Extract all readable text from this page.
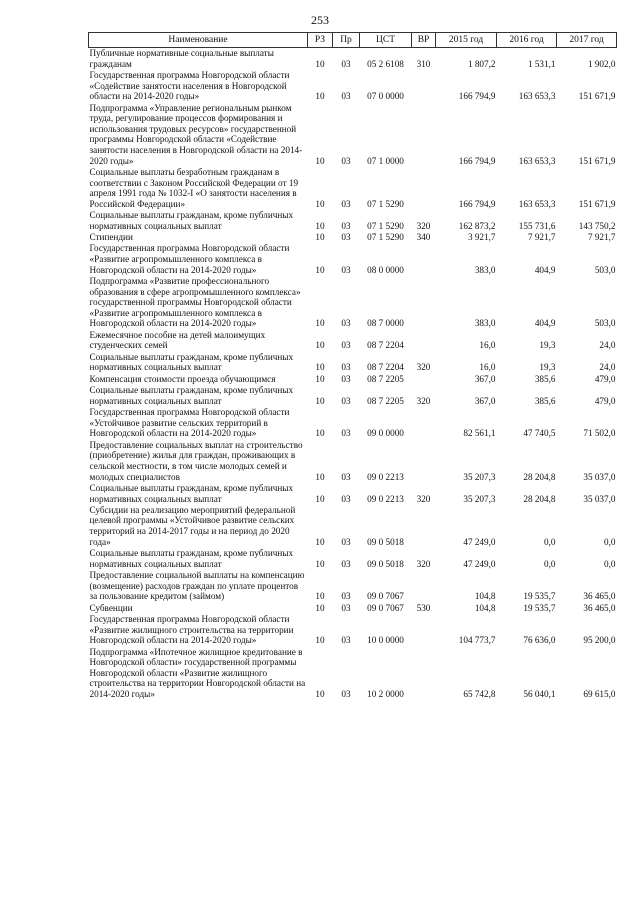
253
Наименование	РЗ	Пр	ЦСТ	ВР	2015 год	2016 год	2017 год
Публичные нормативные социальные выплаты гражданам	10	03	05 2 6108	310	1 807,2	1 531,1	1 902,0
Государственная программа Новгородской области «Содействие занятости населения в Новгородской области на 2014-2020 годы»	10	03	07 0 0000		166 794,9	163 653,3	151 671,9
Подпрограмма «Управление региональным рынком труда, регулирование процессов формирования и использования трудовых ресурсов» государственной программы Новгородской области «Содействие занятости населения в Новгородской области на 2014-2020 годы»	10	03	07 1 0000		166 794,9	163 653,3	151 671,9
Социальные выплаты безработным гражданам в соответствии с Законом Российской Федерации от 19 апреля 1991 года № 1032-I «О занятости населения в Российской Федерации»	10	03	07 1 5290		166 794,9	163 653,3	151 671,9
Социальные выплаты гражданам, кроме публичных нормативных социальных выплат	10	03	07 1 5290	320	162 873,2	155 731,6	143 750,2
Стипендии	10	03	07 1 5290	340	3 921,7	7 921,7	7 921,7
Государственная программа Новгородской области «Развитие агропромышленного комплекса в Новгородской области на 2014-2020 годы»	10	03	08 0 0000		383,0	404,9	503,0
Подпрограмма «Развитие профессионального образования в сфере агропромышленного комплекса» государственной программы Новгородской области «Развитие агропромышленного комплекса в Новгородской области на 2014-2020 годы»	10	03	08 7 0000		383,0	404,9	503,0
Ежемесячное пособие на детей малоимущих студенческих семей	10	03	08 7 2204		16,0	19,3	24,0
Социальные выплаты гражданам, кроме публичных нормативных социальных выплат	10	03	08 7 2204	320	16,0	19,3	24,0
Компенсация стоимости проезда обучающимся	10	03	08 7 2205		367,0	385,6	479,0
Социальные выплаты гражданам, кроме публичных нормативных социальных выплат	10	03	08 7 2205	320	367,0	385,6	479,0
Государственная программа Новгородской области «Устойчивое развитие сельских территорий в Новгородской области на 2014-2020 годы»	10	03	09 0 0000		82 561,1	47 740,5	71 502,0
Предоставление социальных выплат на строительство (приобретение) жилья для граждан, проживающих в сельской местности, в том числе молодых семей и молодых специалистов	10	03	09 0 2213		35 207,3	28 204,8	35 037,0
Социальные выплаты гражданам, кроме публичных нормативных социальных выплат	10	03	09 0 2213	320	35 207,3	28 204,8	35 037,0
Субсидии на реализацию мероприятий федеральной целевой программы «Устойчивое развитие сельских территорий на 2014-2017 годы и на период до 2020 года»	10	03	09 0 5018		47 249,0	0,0	0,0
Социальные выплаты гражданам, кроме публичных нормативных социальных выплат	10	03	09 0 5018	320	47 249,0	0,0	0,0
Предоставление социальной выплаты на компенсацию (возмещение) расходов граждан по уплате процентов за пользование кредитом (займом)	10	03	09 0 7067		104,8	19 535,7	36 465,0
Субвенции	10	03	09 0 7067	530	104,8	19 535,7	36 465,0
Государственная программа Новгородской области «Развитие жилищного строительства на территории Новгородской области на 2014-2020 годы»	10	03	10 0 0000		104 773,7	76 636,0	95 200,0
Подпрограмма «Ипотечное жилищное кредитование в Новгородской области» государственной программы Новгородской области «Развитие жилищного строительства на территории Новгородской области на 2014-2020 годы»	10	03	10 2 0000		65 742,8	56 040,1	69 615,0
